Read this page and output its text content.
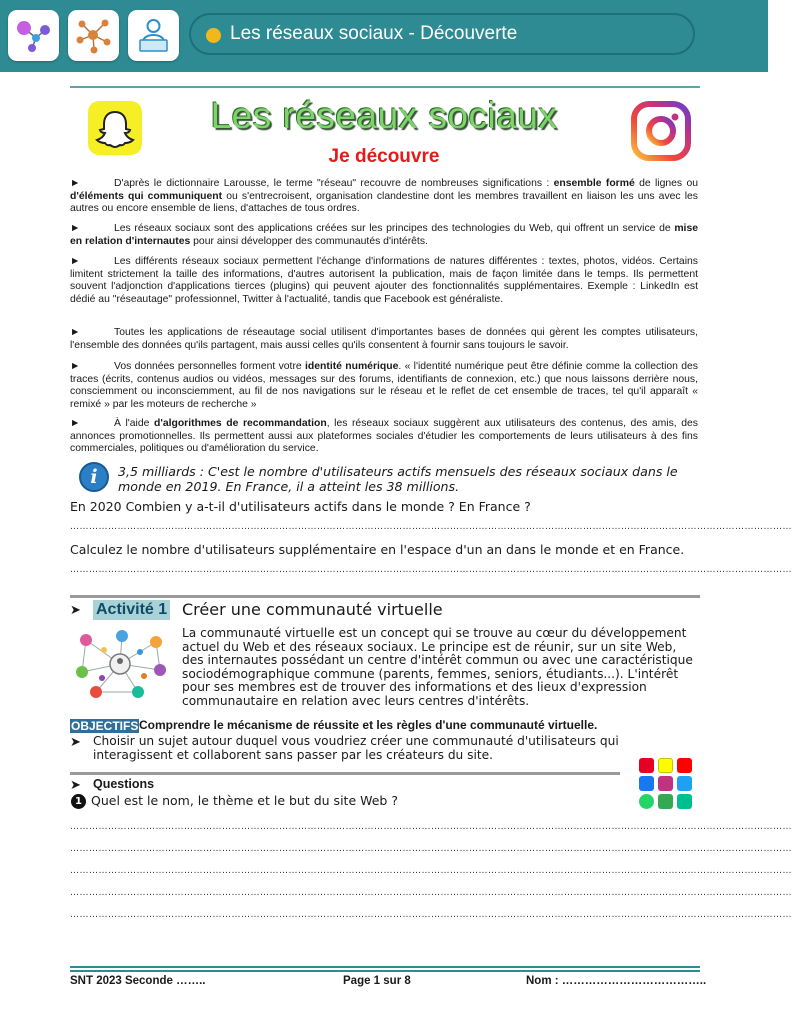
Les réseaux sociaux - Découverte
Les réseaux sociaux
Je découvre
►	D'après le dictionnaire Larousse, le terme "réseau" recouvre de nombreuses significations : ensemble formé de lignes ou d'éléments qui communiquent ou s'entrecroisent, organisation clandestine dont les membres travaillent en liaison les uns avec les autres ou encore ensemble de liens, d'attaches de tous ordres.
►	Les réseaux sociaux sont des applications créées sur les principes des technologies du Web, qui offrent un service de mise en relation d'internautes pour ainsi développer des communautés d'intérêts.
►	Les différents réseaux sociaux permettent l'échange d'informations de natures différentes : textes, photos, vidéos. Certains limitent strictement la taille des informations, d'autres autorisent la publication, mais de façon limitée dans le temps. Ils permettent souvent l'adjonction d'applications tierces (plugins) qui peuvent ajouter des fonctionnalités supplémentaires. Exemple : LinkedIn est dédié au "réseautage" professionnel, Twitter à l'actualité, tandis que Facebook est généraliste.
►	Toutes les applications de réseautage social utilisent d'importantes bases de données qui gèrent les comptes utilisateurs, l'ensemble des données qu'ils partagent, mais aussi celles qu'ils consentent à fournir sans toujours le savoir.
►	Vos données personnelles forment votre identité numérique. « l'identité numérique peut être définie comme la collection des traces (écrits, contenus audios ou vidéos, messages sur des forums, identifiants de connexion, etc.) que nous laissons derrière nous, consciemment ou inconsciemment, au fil de nos navigations sur le réseau et le reflet de cet ensemble de traces, tel qu'il apparaît « remixé » par les moteurs de recherche »
►	À l'aide d'algorithmes de recommandation, les réseaux sociaux suggèrent aux utilisateurs des contenus, des amis, des annonces promotionnelles. Ils permettent aussi aux plateformes sociales d'étudier les comportements de leurs utilisateurs à des fins commerciales, politiques ou d'amélioration du service.
i	3,5 milliards : C'est le nombre d'utilisateurs actifs mensuels des réseaux sociaux dans le monde en 2019. En France, il a atteint les 38 millions.
En 2020 Combien y a-t-il d'utilisateurs actifs dans le monde ? En France ?
…………………………………………………………………………………………………………………………………………………………………………………………………………
Calculez le nombre d'utilisateurs supplémentaire en l'espace d'un an dans le monde et en France.
…………………………………………………………………………………………………………………………………………………………………………………………………………
➤ Activité 1 Créer une communauté virtuelle
La communauté virtuelle est un concept qui se trouve au cœur du développement actuel du Web et des réseaux sociaux. Le principe est de réunir, sur un site Web, des internautes possédant un centre d'intérêt commun ou avec une caractéristique sociodémographique commune (parents, femmes, seniors, étudiants...). L'intérêt pour ses membres est de trouver des informations et des lieux d'expression communautaire en relation avec leurs centres d'intérêts.
OBJECTIFS Comprendre le mécanisme de réussite et les règles d'une communauté virtuelle.
➤ Choisir un sujet autour duquel vous voudriez créer une communauté d'utilisateurs qui interagissent et collaborent sans passer par les créateurs du site.
➤ Questions
1 Quel est le nom, le thème et le but du site Web ?
…………………………………………………………………………………………………………………………………………………………………………………………………………
…………………………………………………………………………………………………………………………………………………………………………………………………………
…………………………………………………………………………………………………………………………………………………………………………………………………………
…………………………………………………………………………………………………………………………………………………………………………………………………………
…………………………………………………………………………………………………………………………………………………………………………………………………………
SNT 2023 Seconde ……..	Page 1 sur 8	Nom : ………………………………..
